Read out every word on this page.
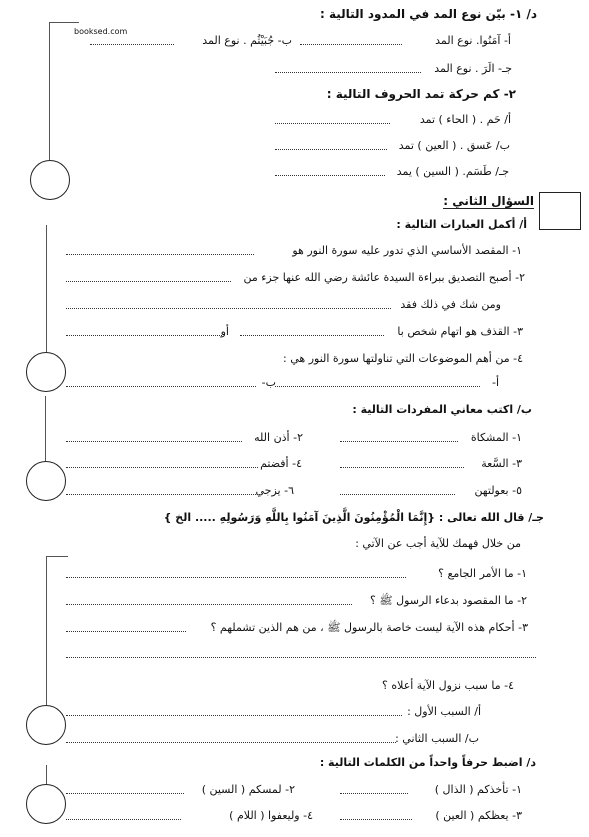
booksed.com
د/ ١- بيّن نوع المد في المدود التالية :
أ- آمَنُوا. نوع المد
ب- جُبَيْثُم . نوع المد
جـ- الَرَ . نوع المد
٢- كم حركة تمد الحروف التالية :
أ/ حَم . ( الحاء ) تمد
ب/ عَسق . ( العين ) تمد
جـ/ طَسَم. ( السين ) يمد
السؤال الثاني :
أ/ أكمل العبارات التالية :
١- المقصد الأساسي الذي تدور عليه سورة النور هو
٢- أصبح التصديق ببراءة السيدة عائشة رضي الله عنها جزء من
ومن شك في ذلك فقد
٣- القذف هو اتهام شخص با
أو
٤- من أهم الموضوعات التي تناولتها سورة النور هي :
أ-
ب-
ب/ اكتب معاني المفردات التالية :
١- المشكاة
٢- أذن الله
٣- السَّعة
٤- أفضتم
٥- بعولتهن
٦- يزجي
جـ/ قال الله تعالى : {إِنَّمَا الْمُؤْمِنُونَ الَّذِينَ آمَنُوا بِاللَّهِ وَرَسُولِهِ ..... الخ }
من خلال فهمك للآية أجب عن الآتي :
١- ما الأمر الجامع ؟
٢- ما المقصود بدعاء الرسول ﷺ ؟
٣- أحكام هذه الآية ليست خاصة بالرسول ﷺ ، من هم الذين تشملهم ؟
٤- ما سبب نزول الآية أعلاه ؟
أ/ السبب الأول :
ب/ السبب الثاني :
د/ اضبط حرفاً واحداً من الكلمات التالية :
١- تأخذكم ( الذال )
٢- لمسكم ( السين )
٣- يعظكم ( العين )
٤- وليعفوا ( اللام )
